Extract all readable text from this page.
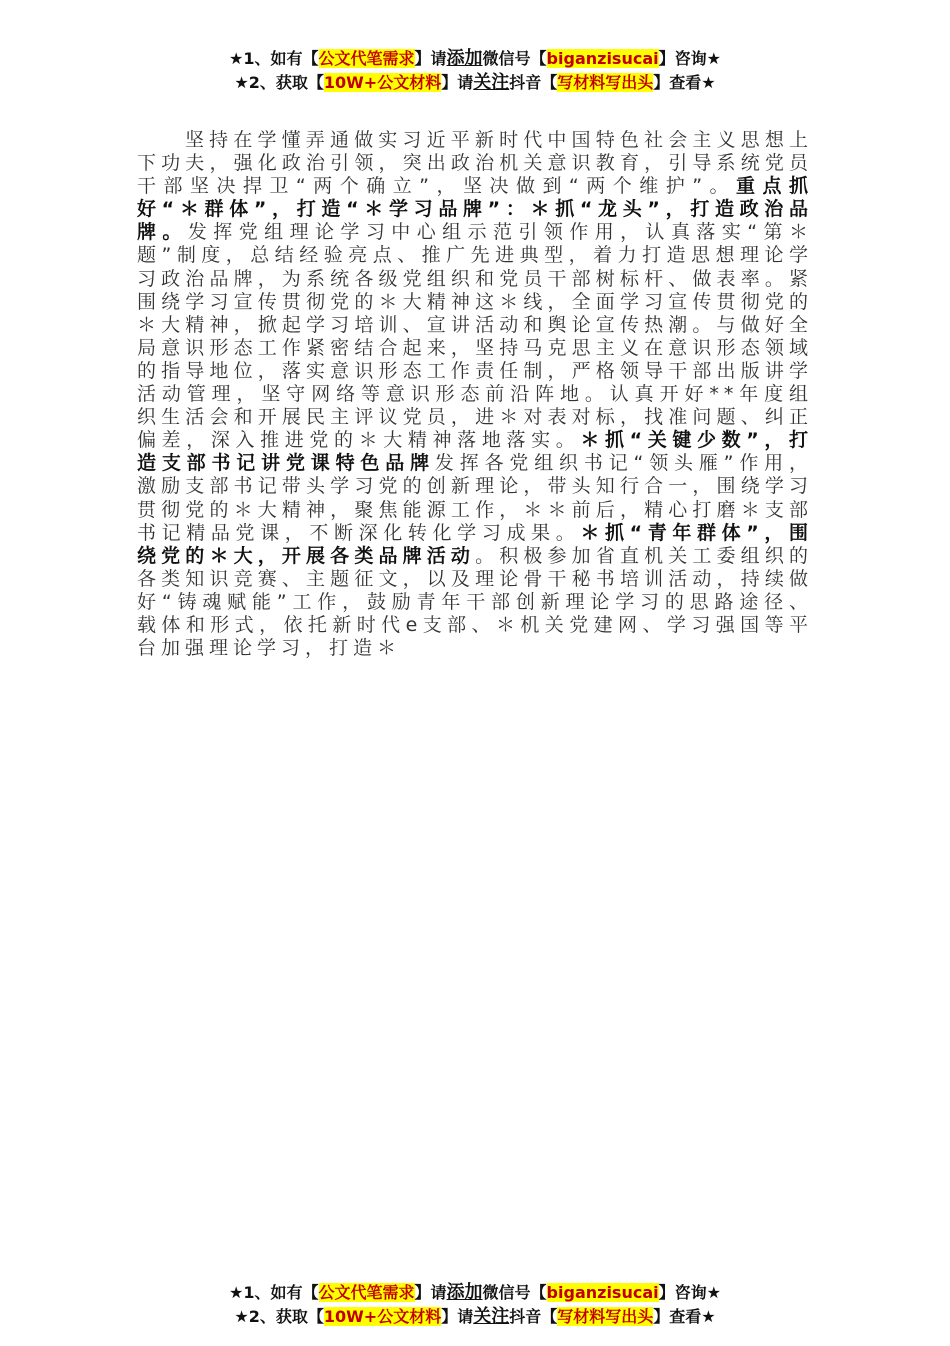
★1、如有【公文代笔需求】请添加微信号【biganzisucai】咨询★
★2、获取【10W+公文材料】请关注抖音【写材料写出头】查看★
坚持在学懂弄通做实习近平新时代中国特色社会主义思想上下功夫，强化政治引领，突出政治机关意识教育，引导系统党员干部坚决捍卫“两个确立”，坚决做到“两个维护”。重点抓好“＊群体”，打造“＊学习品牌”：＊抓“龙头”，打造政治品牌。发挥党组理论学习中心组示范引领作用，认真落实“第＊题”制度，总结经验亮点、推广先进典型，着力打造思想理论学习政治品牌，为系统各级党组织和党员干部树标杆、做表率。紧围绕学习宣传贯彻党的＊大精神这＊线，全面学习宣传贯彻党的＊大精神，掀起学习培训、宣讲活动和舆论宣传热潮。与做好全局意识形态工作紧密结合起来，坚持马克思主义在意识形态领域的指导地位，落实意识形态工作责任制，严格领导干部出版讲学活动管理，坚守网络等意识形态前沿阵地。认真开好**年度组织生活会和开展民主评议党员，进＊对表对标，找准问题、纠正偏差，深入推进党的＊大精神落地落实。＊抓“关键少数”，打造支部书记讲党课特色品牌发挥各党组织书记“领头雁”作用，激励支部书记带头学习党的创新理论，带头知行合一，围绕学习贯彻党的＊大精神，聚焦能源工作，＊＊前后，精心打磨＊支部书记精品党课，不断深化转化学习成果。＊抓“青年群体”，围绕党的＊大，开展各类品牌活动。积极参加省直机关工委组织的各类知识竞赛、主题征文，以及理论骨干秘书培训活动，持续做好“铸魂赋能”工作，鼓励青年干部创新理论学习的思路途径、载体和形式，依托新时代e支部、＊机关党建网、学习强国等平台加强理论学习，打造＊
★1、如有【公文代笔需求】请添加微信号【biganzisucai】咨询★
★2、获取【10W+公文材料】请关注抖音【写材料写出头】查看★
